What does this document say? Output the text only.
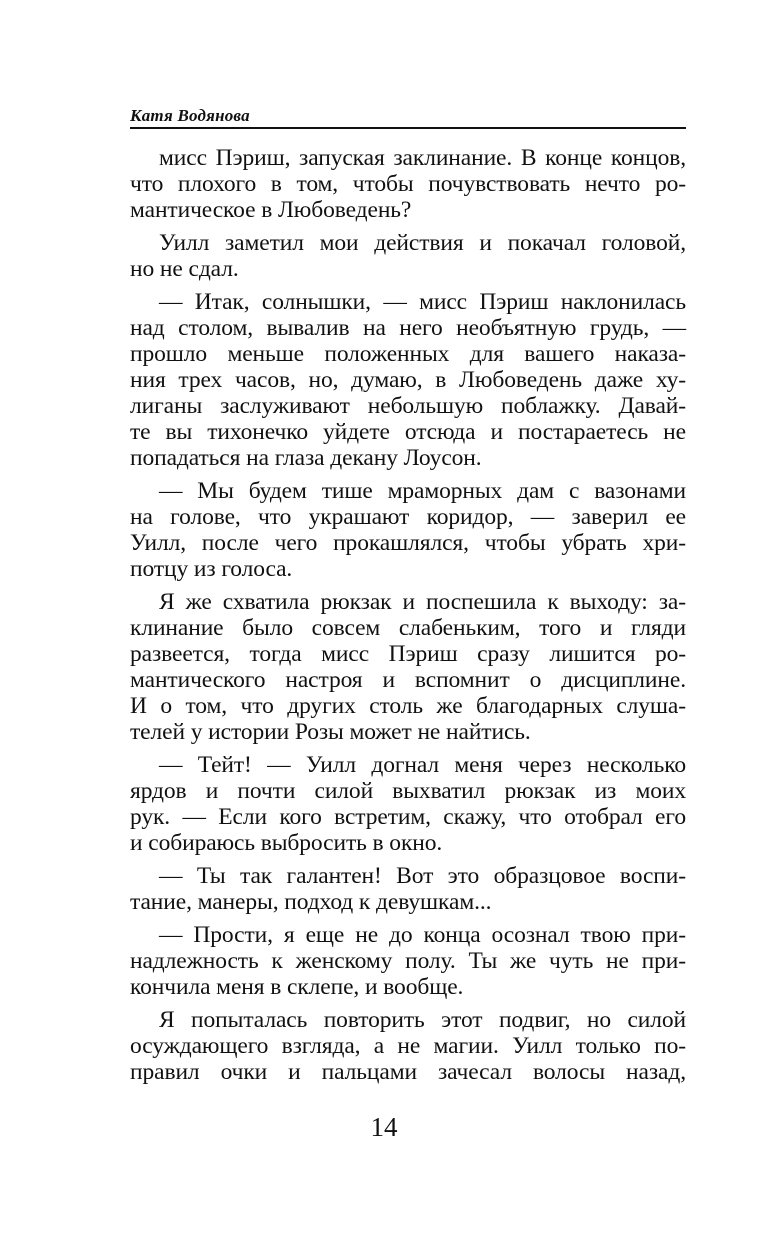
Катя Водянова
мисс Пэриш, запуская заклинание. В конце концов,
что плохого в том, чтобы почувствовать нечто ро-
мантическое в Любоведень?
Уилл заметил мои действия и покачал головой,
но не сдал.
— Итак, солнышки, — мисс Пэриш наклонилась
над столом, вывалив на него необъятную грудь, —
прошло меньше положенных для вашего наказа-
ния трех часов, но, думаю, в Любоведень даже ху-
лиганы заслуживают небольшую поблажку. Давай-
те вы тихонечко уйдете отсюда и постараетесь не
попадаться на глаза декану Лоусон.
— Мы будем тише мраморных дам с вазонами
на голове, что украшают коридор, — заверил ее
Уилл, после чего прокашлялся, чтобы убрать хри-
потцу из голоса.
Я же схватила рюкзак и поспешила к выходу: за-
клинание было совсем слабеньким, того и гляди
развеется, тогда мисс Пэриш сразу лишится ро-
мантического настроя и вспомнит о дисциплине.
И о том, что других столь же благодарных слуша-
телей у истории Розы может не найтись.
— Тейт! — Уилл догнал меня через несколько
ярдов и почти силой выхватил рюкзак из моих
рук. — Если кого встретим, скажу, что отобрал его
и собираюсь выбросить в окно.
— Ты так галантен! Вот это образцовое воспи-
тание, манеры, подход к девушкам...
— Прости, я еще не до конца осознал твою при-
надлежность к женскому полу. Ты же чуть не при-
кончила меня в склепе, и вообще.
Я попыталась повторить этот подвиг, но силой
осуждающего взгляда, а не магии. Уилл только по-
правил очки и пальцами зачесал волосы назад,
14
